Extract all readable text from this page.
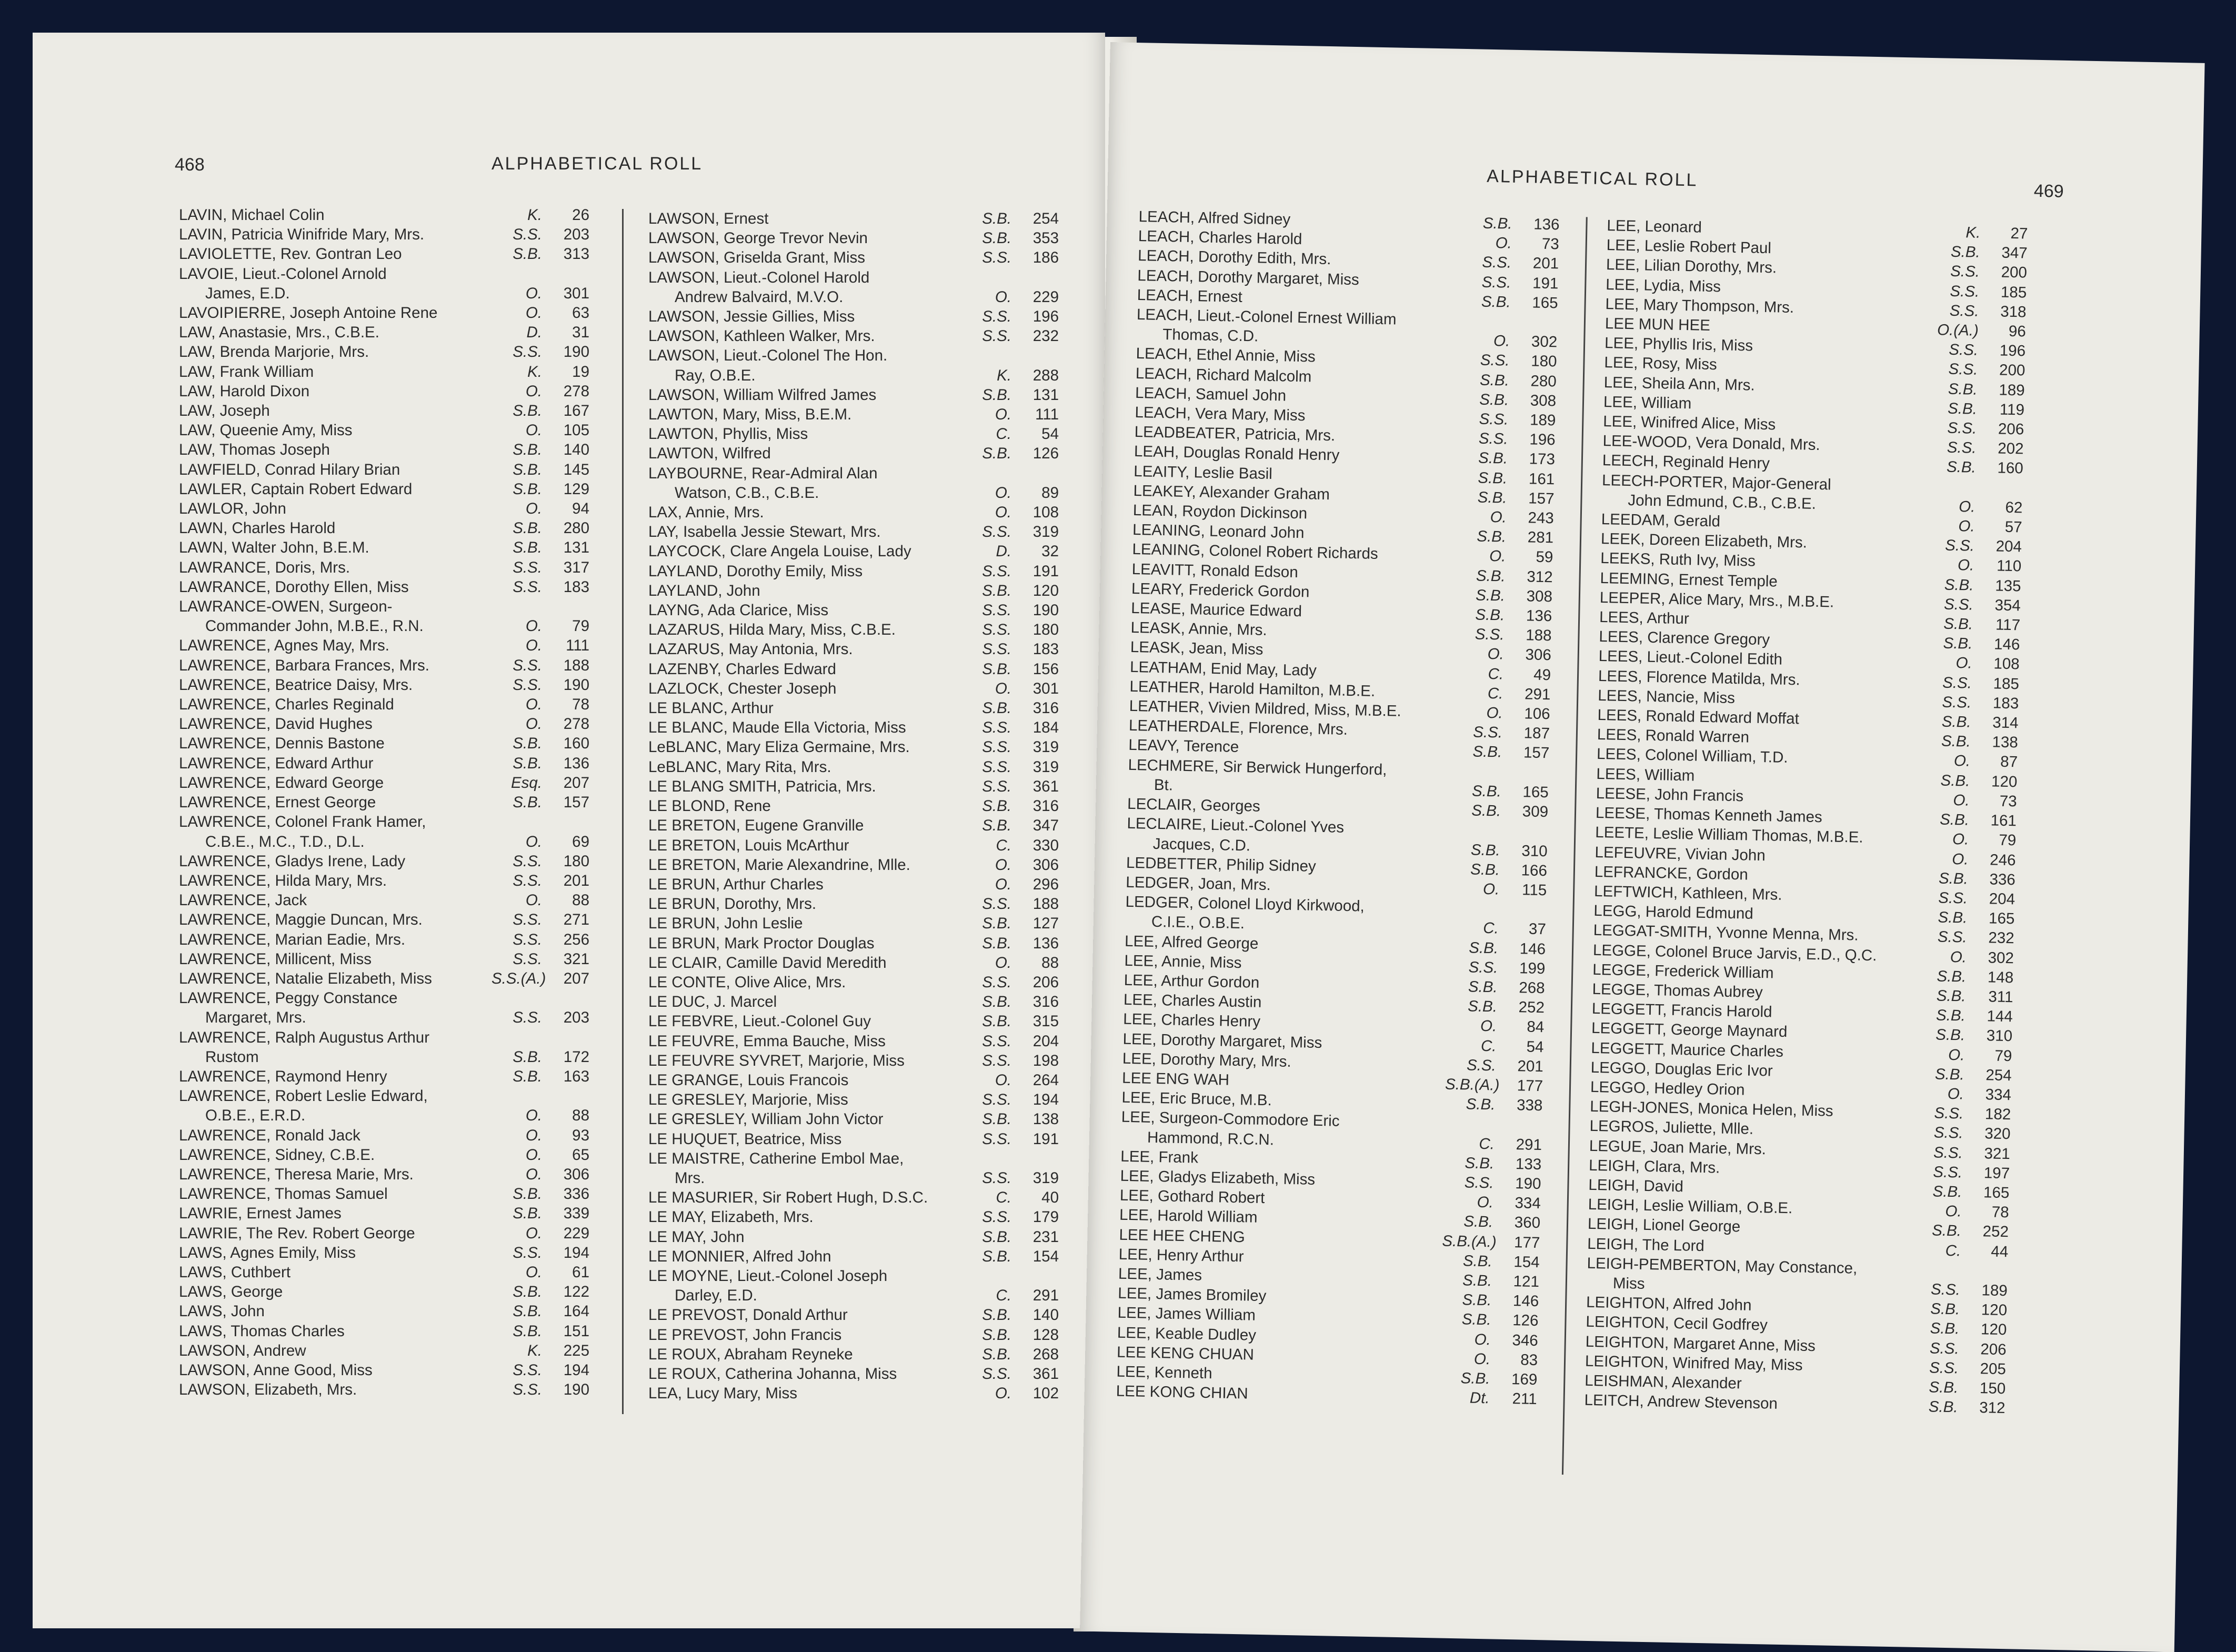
468	ALPHABETICAL ROLL
LAVIN, Michael Colin	K.	26
LAVIN, Patricia Winifride Mary, Mrs.	S.S.	203
LAVIOLETTE, Rev. Gontran Leo	S.B.	313
LAVOIE, Lieut.-Colonel Arnold
James, E.D.	O.	301
LAVOIPIERRE, Joseph Antoine Rene	O.	63
LAW, Anastasie, Mrs., C.B.E.	D.	31
LAW, Brenda Marjorie, Mrs.	S.S.	190
LAW, Frank William	K.	19
LAW, Harold Dixon	O.	278
LAW, Joseph	S.B.	167
LAW, Queenie Amy, Miss	O.	105
LAW, Thomas Joseph	S.B.	140
LAWFIELD, Conrad Hilary Brian	S.B.	145
LAWLER, Captain Robert Edward	S.B.	129
LAWLOR, John	O.	94
LAWN, Charles Harold	S.B.	280
LAWN, Walter John, B.E.M.	S.B.	131
LAWRANCE, Doris, Mrs.	S.S.	317
LAWRANCE, Dorothy Ellen, Miss	S.S.	183
LAWRANCE-OWEN, Surgeon-
Commander John, M.B.E., R.N.	O.	79
LAWRENCE, Agnes May, Mrs.	O.	111
LAWRENCE, Barbara Frances, Mrs.	S.S.	188
LAWRENCE, Beatrice Daisy, Mrs.	S.S.	190
LAWRENCE, Charles Reginald	O.	78
LAWRENCE, David Hughes	O.	278
LAWRENCE, Dennis Bastone	S.B.	160
LAWRENCE, Edward Arthur	S.B.	136
LAWRENCE, Edward George	Esq.	207
LAWRENCE, Ernest George	S.B.	157
LAWRENCE, Colonel Frank Hamer,
C.B.E., M.C., T.D., D.L.	O.	69
LAWRENCE, Gladys Irene, Lady	S.S.	180
LAWRENCE, Hilda Mary, Mrs.	S.S.	201
LAWRENCE, Jack	O.	88
LAWRENCE, Maggie Duncan, Mrs.	S.S.	271
LAWRENCE, Marian Eadie, Mrs.	S.S.	256
LAWRENCE, Millicent, Miss	S.S.	321
LAWRENCE, Natalie Elizabeth, Miss	S.S.(A.)	207
LAWRENCE, Peggy Constance
Margaret, Mrs.	S.S.	203
LAWRENCE, Ralph Augustus Arthur
Rustom	S.B.	172
LAWRENCE, Raymond Henry	S.B.	163
LAWRENCE, Robert Leslie Edward,
O.B.E., E.R.D.	O.	88
LAWRENCE, Ronald Jack	O.	93
LAWRENCE, Sidney, C.B.E.	O.	65
LAWRENCE, Theresa Marie, Mrs.	O.	306
LAWRENCE, Thomas Samuel	S.B.	336
LAWRIE, Ernest James	S.B.	339
LAWRIE, The Rev. Robert George	O.	229
LAWS, Agnes Emily, Miss	S.S.	194
LAWS, Cuthbert	O.	61
LAWS, George	S.B.	122
LAWS, John	S.B.	164
LAWS, Thomas Charles	S.B.	151
LAWSON, Andrew	K.	225
LAWSON, Anne Good, Miss	S.S.	194
LAWSON, Elizabeth, Mrs.	S.S.	190
LAWSON, Ernest	S.B.	254
LAWSON, George Trevor Nevin	S.B.	353
LAWSON, Griselda Grant, Miss	S.S.	186
LAWSON, Lieut.-Colonel Harold
Andrew Balvaird, M.V.O.	O.	229
LAWSON, Jessie Gillies, Miss	S.S.	196
LAWSON, Kathleen Walker, Mrs.	S.S.	232
LAWSON, Lieut.-Colonel The Hon.
Ray, O.B.E.	K.	288
LAWSON, William Wilfred James	S.B.	131
LAWTON, Mary, Miss, B.E.M.	O.	111
LAWTON, Phyllis, Miss	C.	54
LAWTON, Wilfred	S.B.	126
LAYBOURNE, Rear-Admiral Alan
Watson, C.B., C.B.E.	O.	89
LAX, Annie, Mrs.	O.	108
LAY, Isabella Jessie Stewart, Mrs.	S.S.	319
LAYCOCK, Clare Angela Louise, Lady	D.	32
LAYLAND, Dorothy Emily, Miss	S.S.	191
LAYLAND, John	S.B.	120
LAYNG, Ada Clarice, Miss	S.S.	190
LAZARUS, Hilda Mary, Miss, C.B.E.	S.S.	180
LAZARUS, May Antonia, Mrs.	S.S.	183
LAZENBY, Charles Edward	S.B.	156
LAZLOCK, Chester Joseph	O.	301
LE BLANC, Arthur	S.B.	316
LE BLANC, Maude Ella Victoria, Miss	S.S.	184
LeBLANC, Mary Eliza Germaine, Mrs.	S.S.	319
LeBLANC, Mary Rita, Mrs.	S.S.	319
LE BLANG SMITH, Patricia, Mrs.	S.S.	361
LE BLOND, Rene	S.B.	316
LE BRETON, Eugene Granville	S.B.	347
LE BRETON, Louis McArthur	C.	330
LE BRETON, Marie Alexandrine, Mlle.	O.	306
LE BRUN, Arthur Charles	O.	296
LE BRUN, Dorothy, Mrs.	S.S.	188
LE BRUN, John Leslie	S.B.	127
LE BRUN, Mark Proctor Douglas	S.B.	136
LE CLAIR, Camille David Meredith	O.	88
LE CONTE, Olive Alice, Mrs.	S.S.	206
LE DUC, J. Marcel	S.B.	316
LE FEBVRE, Lieut.-Colonel Guy	S.B.	315
LE FEUVRE, Emma Bauche, Miss	S.S.	204
LE FEUVRE SYVRET, Marjorie, Miss	S.S.	198
LE GRANGE, Louis Francois	O.	264
LE GRESLEY, Marjorie, Miss	S.S.	194
LE GRESLEY, William John Victor	S.B.	138
LE HUQUET, Beatrice, Miss	S.S.	191
LE MAISTRE, Catherine Embol Mae,
Mrs.	S.S.	319
LE MASURIER, Sir Robert Hugh, D.S.C.	C.	40
LE MAY, Elizabeth, Mrs.	S.S.	179
LE MAY, John	S.B.	231
LE MONNIER, Alfred John	S.B.	154
LE MOYNE, Lieut.-Colonel Joseph
Darley, E.D.	C.	291
LE PREVOST, Donald Arthur	S.B.	140
LE PREVOST, John Francis	S.B.	128
LE ROUX, Abraham Reyneke	S.B.	268
LE ROUX, Catherina Johanna, Miss	S.S.	361
LEA, Lucy Mary, Miss	O.	102
ALPHABETICAL ROLL
469
LEACH, Alfred Sidney	S.B.	136
LEACH, Charles Harold	O.	73
LEACH, Dorothy Edith, Mrs.	S.S.	201
LEACH, Dorothy Margaret, Miss	S.S.	191
LEACH, Ernest	S.B.	165
LEACH, Lieut.-Colonel Ernest William
Thomas, C.D.	O.	302
LEACH, Ethel Annie, Miss	S.S.	180
LEACH, Richard Malcolm	S.B.	280
LEACH, Samuel John	S.B.	308
LEACH, Vera Mary, Miss	S.S.	189
LEADBEATER, Patricia, Mrs.	S.S.	196
LEAH, Douglas Ronald Henry	S.B.	173
LEAITY, Leslie Basil	S.B.	161
LEAKEY, Alexander Graham	S.B.	157
LEAN, Roydon Dickinson	O.	243
LEANING, Leonard John	S.B.	281
LEANING, Colonel Robert Richards	O.	59
LEAVITT, Ronald Edson	S.B.	312
LEARY, Frederick Gordon	S.B.	308
LEASE, Maurice Edward	S.B.	136
LEASK, Annie, Mrs.	S.S.	188
LEASK, Jean, Miss	O.	306
LEATHAM, Enid May, Lady	C.	49
LEATHER, Harold Hamilton, M.B.E.	C.	291
LEATHER, Vivien Mildred, Miss, M.B.E.	O.	106
LEATHERDALE, Florence, Mrs.	S.S.	187
LEAVY, Terence	S.B.	157
LECHMERE, Sir Berwick Hungerford,
Bt.	S.B.	165
LECLAIR, Georges	S.B.	309
LECLAIRE, Lieut.-Colonel Yves
Jacques, C.D.	S.B.	310
LEDBETTER, Philip Sidney	S.B.	166
LEDGER, Joan, Mrs.	O.	115
LEDGER, Colonel Lloyd Kirkwood,
C.I.E., O.B.E.	C.	37
LEE, Alfred George	S.B.	146
LEE, Annie, Miss	S.S.	199
LEE, Arthur Gordon	S.B.	268
LEE, Charles Austin	S.B.	252
LEE, Charles Henry	O.	84
LEE, Dorothy Margaret, Miss	C.	54
LEE, Dorothy Mary, Mrs.	S.S.	201
LEE ENG WAH	S.B.(A.)	177
LEE, Eric Bruce, M.B.	S.B.	338
LEE, Surgeon-Commodore Eric
Hammond, R.C.N.	C.	291
LEE, Frank	S.B.	133
LEE, Gladys Elizabeth, Miss	S.S.	190
LEE, Gothard Robert	O.	334
LEE, Harold William	S.B.	360
LEE HEE CHENG	S.B.(A.)	177
LEE, Henry Arthur	S.B.	154
LEE, James	S.B.	121
LEE, James Bromiley	S.B.	146
LEE, James William	S.B.	126
LEE, Keable Dudley	O.	346
LEE KENG CHUAN	O.	83
LEE, Kenneth	S.B.	169
LEE KONG CHIAN	Dt.	211
LEE, Leonard	K.	27
LEE, Leslie Robert Paul	S.B.	347
LEE, Lilian Dorothy, Mrs.	S.S.	200
LEE, Lydia, Miss	S.S.	185
LEE, Mary Thompson, Mrs.	S.S.	318
LEE MUN HEE	O.(A.)	96
LEE, Phyllis Iris, Miss	S.S.	196
LEE, Rosy, Miss	S.S.	200
LEE, Sheila Ann, Mrs.	S.B.	189
LEE, William	S.B.	119
LEE, Winifred Alice, Miss	S.S.	206
LEE-WOOD, Vera Donald, Mrs.	S.S.	202
LEECH, Reginald Henry	S.B.	160
LEECH-PORTER, Major-General
John Edmund, C.B., C.B.E.	O.	62
LEEDAM, Gerald	O.	57
LEEK, Doreen Elizabeth, Mrs.	S.S.	204
LEEKS, Ruth Ivy, Miss	O.	110
LEEMING, Ernest Temple	S.B.	135
LEEPER, Alice Mary, Mrs., M.B.E.	S.S.	354
LEES, Arthur	S.B.	117
LEES, Clarence Gregory	S.B.	146
LEES, Lieut.-Colonel Edith	O.	108
LEES, Florence Matilda, Mrs.	S.S.	185
LEES, Nancie, Miss	S.S.	183
LEES, Ronald Edward Moffat	S.B.	314
LEES, Ronald Warren	S.B.	138
LEES, Colonel William, T.D.	O.	87
LEES, William	S.B.	120
LEESE, John Francis	O.	73
LEESE, Thomas Kenneth James	S.B.	161
LEETE, Leslie William Thomas, M.B.E.	O.	79
LEFEUVRE, Vivian John	O.	246
LEFRANCKE, Gordon	S.B.	336
LEFTWICH, Kathleen, Mrs.	S.S.	204
LEGG, Harold Edmund	S.B.	165
LEGGAT-SMITH, Yvonne Menna, Mrs.	S.S.	232
LEGGE, Colonel Bruce Jarvis, E.D., Q.C.	O.	302
LEGGE, Frederick William	S.B.	148
LEGGE, Thomas Aubrey	S.B.	311
LEGGETT, Francis Harold	S.B.	144
LEGGETT, George Maynard	S.B.	310
LEGGETT, Maurice Charles	O.	79
LEGGO, Douglas Eric Ivor	S.B.	254
LEGGO, Hedley Orion	O.	334
LEGH-JONES, Monica Helen, Miss	S.S.	182
LEGROS, Juliette, Mlle.	S.S.	320
LEGUE, Joan Marie, Mrs.	S.S.	321
LEIGH, Clara, Mrs.	S.S.	197
LEIGH, David	S.B.	165
LEIGH, Leslie William, O.B.E.	O.	78
LEIGH, Lionel George	S.B.	252
LEIGH, The Lord	C.	44
LEIGH-PEMBERTON, May Constance,
Miss	S.S.	189
LEIGHTON, Alfred John	S.B.	120
LEIGHTON, Cecil Godfrey	S.B.	120
LEIGHTON, Margaret Anne, Miss	S.S.	206
LEIGHTON, Winifred May, Miss	S.S.	205
LEISHMAN, Alexander	S.B.	150
LEITCH, Andrew Stevenson	S.B.	312
